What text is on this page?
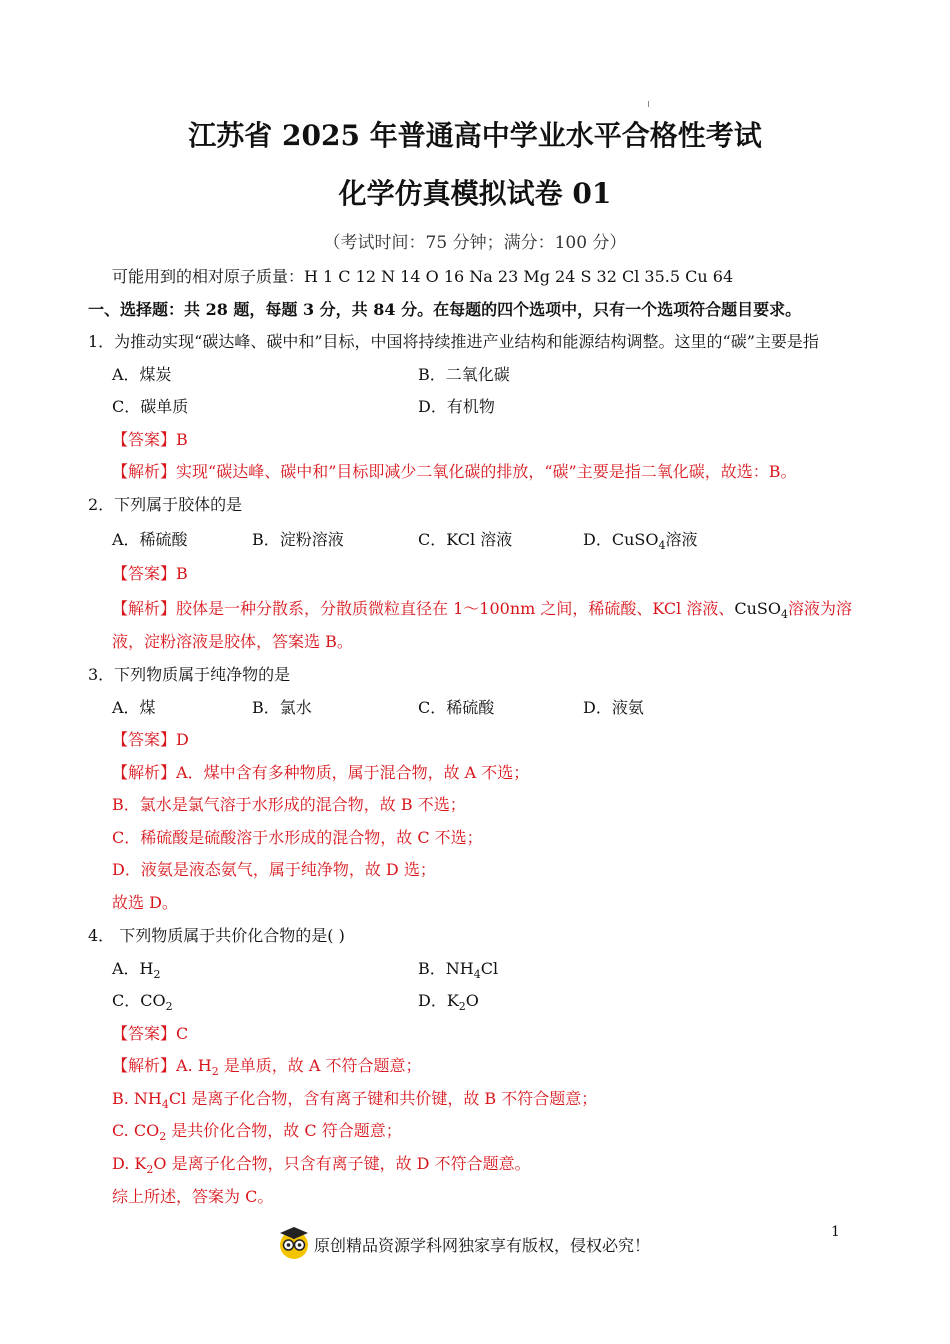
江苏省 2025 年普通高中学业水平合格性考试
化学仿真模拟试卷 01
（考试时间：75 分钟；满分：100 分）
可能用到的相对原子质量：H 1 C 12 N 14 O 16 Na 23 Mg 24 S 32 Cl 35.5 Cu 64
一、选择题：共 28 题，每题 3 分，共 84 分。在每题的四个选项中，只有一个选项符合题目要求。
1．为推动实现“碳达峰、碳中和”目标，中国将持续推进产业结构和能源结构调整。这里的“碳”主要是指
A．煤炭	B．二氧化碳
C．碳单质	D．有机物
【答案】B
【解析】实现“碳达峰、碳中和”目标即减少二氧化碳的排放，“碳”主要是指二氧化碳，故选：B。
2．下列属于胶体的是
A．稀硫酸	B．淀粉溶液	C．KCl 溶液	D．CuSO$_4$溶液
【答案】B
【解析】胶体是一种分散系，分散质微粒直径在 1～100nm 之间，稀硫酸、KCl 溶液、CuSO$_4$溶液为溶
液，淀粉溶液是胶体，答案选 B。
3．下列物质属于纯净物的是
A．煤	B．氯水	C．稀硫酸	D．液氨
【答案】D
【解析】A．煤中含有多种物质，属于混合物，故 A 不选；
B．氯水是氯气溶于水形成的混合物，故 B 不选；
C．稀硫酸是硫酸溶于水形成的混合物，故 C 不选；
D．液氨是液态氨气，属于纯净物，故 D 选；
故选 D。
4． 下列物质属于共价化合物的是( )
A．$H_2$	B．$NH_4Cl$
C．$CO_2$	D．$K_2O$
【答案】C
【解析】A. $H_2$ 是单质，故 A 不符合题意；
B. $NH_4Cl$ 是离子化合物，含有离子键和共价键，故 B 不符合题意；
C. $CO_2$ 是共价化合物，故 C 符合题意；
D. $K_2O$ 是离子化合物，只含有离子键，故 D 不符合题意。
综上所述，答案为 C。
原创精品资源学科网独家享有版权，侵权必究！
1
